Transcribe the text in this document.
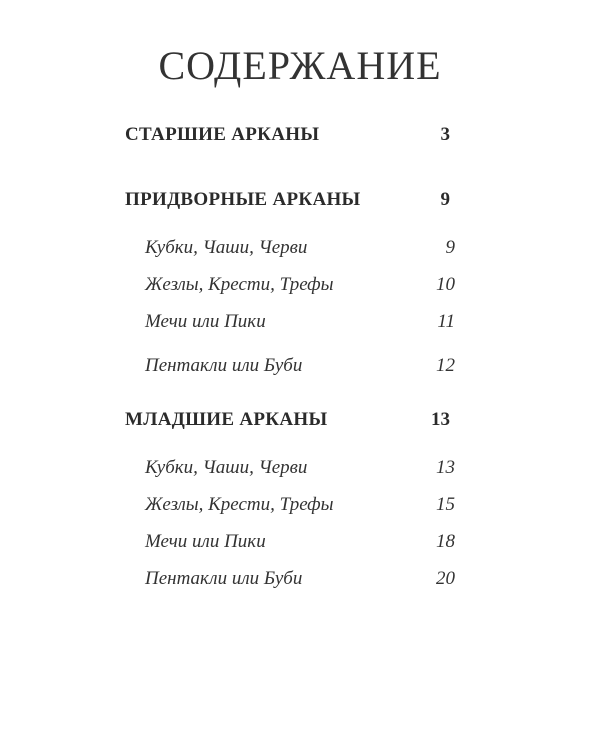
СОДЕРЖАНИЕ
СТАРШИЕ АРКАНЫ	3
ПРИДВОРНЫЕ АРКАНЫ	9
Кубки, Чаши, Черви	9
Жезлы, Крести, Трефы	10
Мечи или Пики	11
Пентакли или Буби	12
МЛАДШИЕ АРКАНЫ	13
Кубки, Чаши, Черви	13
Жезлы, Крести, Трефы	15
Мечи или Пики	18
Пентакли или Буби	20
